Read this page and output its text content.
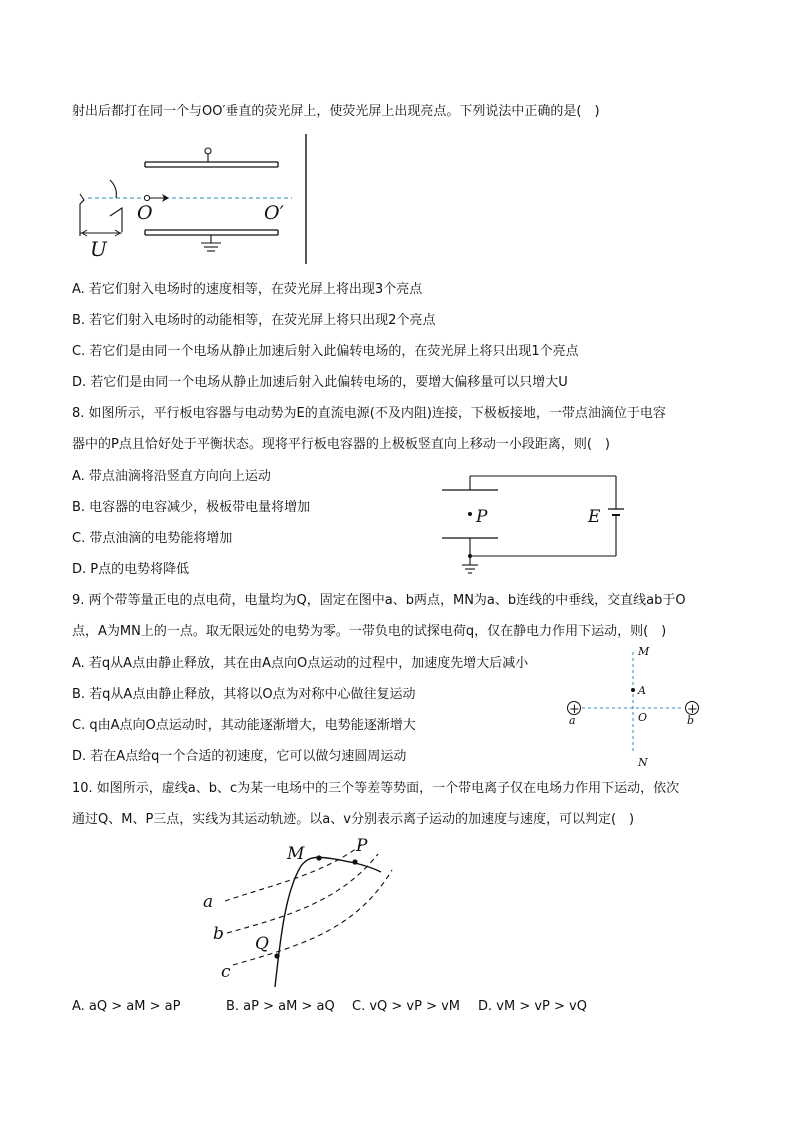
射出后都打在同一个与OO′垂直的荧光屏上，使荧光屏上出现亮点。下列说法中正确的是(　)
O	O′
U
A. 若它们射入电场时的速度相等，在荧光屏上将出现3个亮点
B. 若它们射入电场时的动能相等，在荧光屏上将只出现2个亮点
C. 若它们是由同一个电场从静止加速后射入此偏转电场的，在荧光屏上将只出现1个亮点
D. 若它们是由同一个电场从静止加速后射入此偏转电场的，要增大偏移量可以只增大U
8. 如图所示，平行板电容器与电动势为E的直流电源(不及内阻)连接，下极板接地，一带点油滴位于电容
器中的P点且恰好处于平衡状态。现将平行板电容器的上极板竖直向上移动一小段距离，则(　)
A. 带点油滴将沿竖直方向向上运动
B. 电容器的电容减少，极板带电量将增加
C. 带点油滴的电势能将增加
D. P点的电势将降低
P	E
9. 两个带等量正电的点电荷，电量均为Q，固定在图中a、b两点，MN为a、b连线的中垂线，交直线ab于O
点，A为MN上的一点。取无限远处的电势为零。一带负电的试探电荷q，仅在静电力作用下运动，则(　)
A. 若q从A点由静止释放，其在由A点向O点运动的过程中，加速度先增大后减小
B. 若q从A点由静止释放，其将以O点为对称中心做往复运动
C. q由A点向O点运动时，其动能逐渐增大，电势能逐渐增大
D. 若在A点给q一个合适的初速度，它可以做匀速圆周运动
+	+
M
A
O
a	b
N
10. 如图所示，虚线a、b、c为某一电场中的三个等差等势面，一个带电离子仅在电场力作用下运动，依次
通过Q、M、P三点，实线为其运动轨迹。以a、v分别表示离子运动的加速度与速度，可以判定(　)
M	P
Q
a
b
c
A. aQ > aM > aP	B. aP > aM > aQ C. vQ > vP > vM D. vM > vP > vQ
